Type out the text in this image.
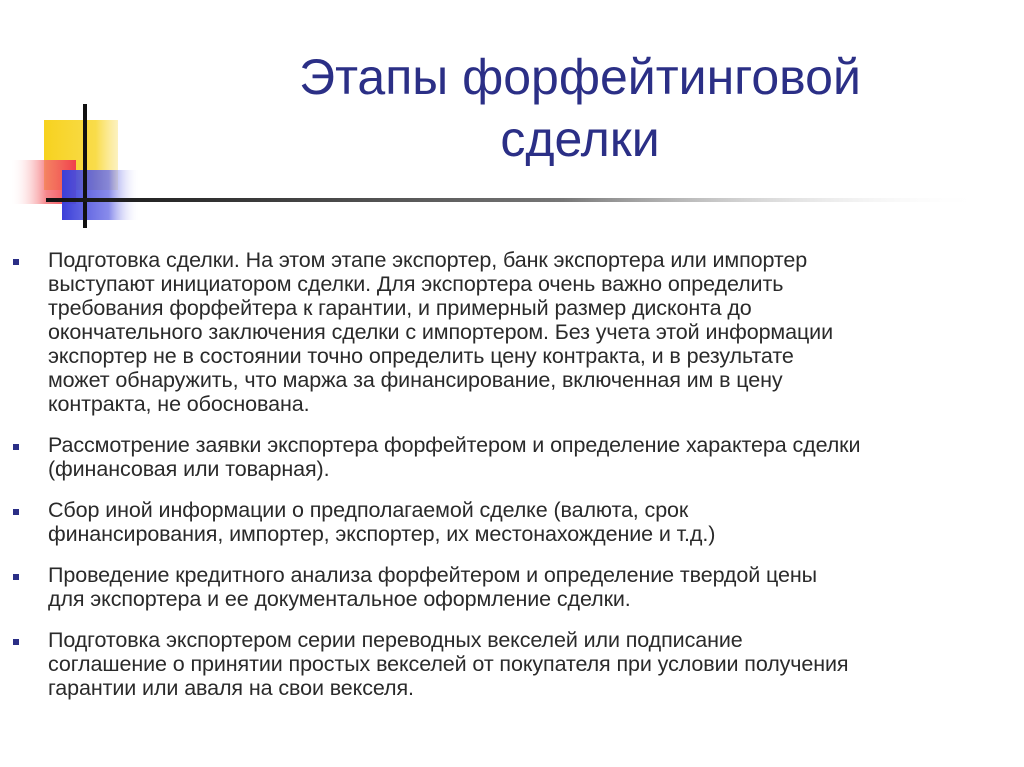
Этапы форфейтинговой
сделки
Подготовка сделки. На этом этапе экспортер, банк экспортера или импортер
выступают инициатором сделки. Для экспортера очень важно определить
требования форфейтера к гарантии, и примерный размер дисконта до
окончательного заключения сделки с импортером. Без учета этой информации
экспортер не в состоянии точно определить цену контракта, и в результате
может обнаружить, что маржа за финансирование, включенная им в цену
контракта, не обоснована.
Рассмотрение заявки экспортера форфейтером и определение характера сделки
(финансовая или товарная).
Сбор иной информации о предполагаемой сделке (валюта, срок
финансирования, импортер, экспортер, их местонахождение и т.д.)
Проведение кредитного анализа форфейтером и определение твердой цены
для экспортера и ее документальное оформление сделки.
Подготовка экспортером серии переводных векселей или подписание
соглашение о принятии простых векселей от покупателя при условии получения
гарантии или аваля на свои векселя.
